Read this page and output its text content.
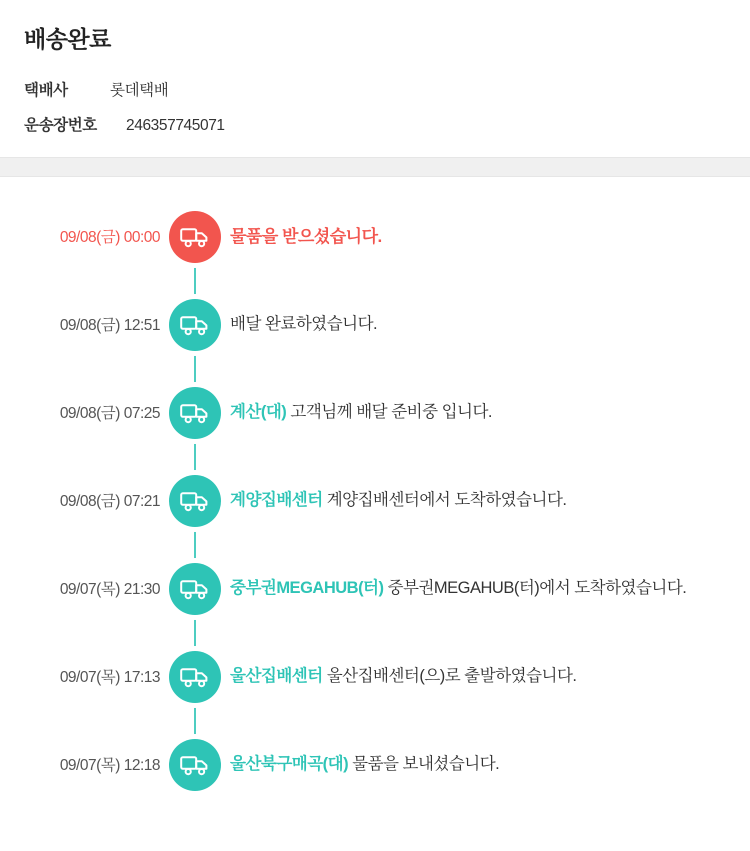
배송완료
택배사	롯데택배
운송장번호	246357745071
09/08(금) 00:00	물품을 받으셨습니다.
09/08(금) 12:51	배달 완료하였습니다.
09/08(금) 07:25	계산(대) 고객님께 배달 준비중 입니다.
09/08(금) 07:21	계양집배센터 계양집배센터에서 도착하였습니다.
09/07(목) 21:30	중부권MEGAHUB(터) 중부권MEGAHUB(터)에서 도착하였습니다.
09/07(목) 17:13	울산집배센터 울산집배센터(으)로 출발하였습니다.
09/07(목) 12:18	울산북구매곡(대) 물품을 보내셨습니다.
